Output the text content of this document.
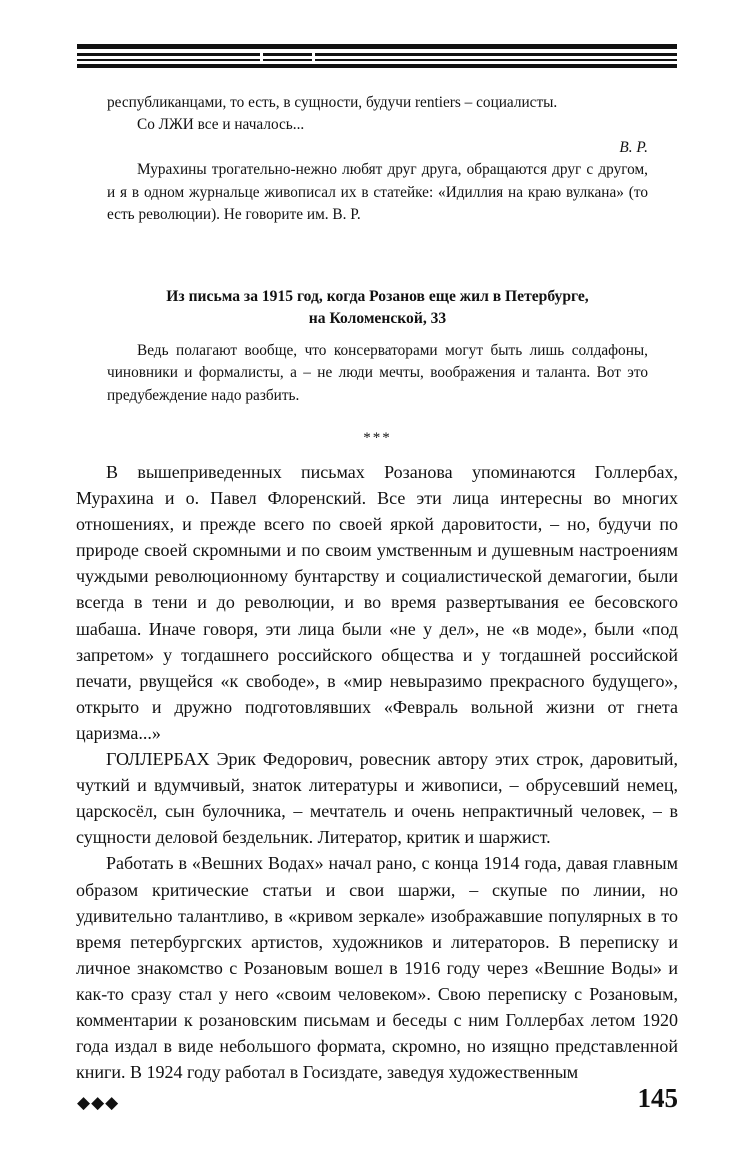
республиканцами, то есть, в сущности, будучи rentiers – социалисты.

Со ЛЖИ все и началось...

В. Р.

Мурахины трогательно-нежно любят друг друга, обращаются друг с другом, и я в одном журнальце живописал их в статейке: «Идиллия на краю вулкана» (то есть революции). Не говорите им. В. Р.

Из письма за 1915 год, когда Розанов еще жил в Петербурге,

на Коломенской, 33

Ведь полагают вообще, что консерваторами могут быть лишь солдафоны, чиновники и формалисты, а – не люди мечты, воображения и таланта. Вот это предубеждение надо разбить.

***

В вышеприведенных письмах Розанова упоминаются Голлербах, Мурахина и о. Павел Флоренский. Все эти лица интересны во многих отношениях, и прежде всего по своей яркой даровитости, – но, будучи по природе своей скромными и по своим умственным и душевным настроениям чуждыми революционному бунтарству и социалистической демагогии, были всегда в тени и до революции, и во время развертывания ее бесовского шабаша. Иначе говоря, эти лица были «не у дел», не «в моде», были «под запретом» у тогдашнего российского общества и у тогдашней российской печати, рвущейся «к свободе», в «мир невыразимо прекрасного будущего», открыто и дружно подготовлявших «Февраль вольной жизни от гнета царизма...»

ГОЛЛЕРБАХ Эрик Федорович, ровесник автору этих строк, даровитый, чуткий и вдумчивый, знаток литературы и живописи, – обрусевший немец, царскосёл, сын булочника, – мечтатель и очень непрактичный человек, – в сущности деловой бездельник. Литератор, критик и шаржист.

Работать в «Вешних Водах» начал рано, с конца 1914 года, давая главным образом критические статьи и свои шаржи, – скупые по линии, но удивительно талантливо, в «кривом зеркале» изображавшие популярных в то время петербургских артистов, художников и литераторов. В переписку и личное знакомство с Розановым вошел в 1916 году через «Вешние Воды» и как-то сразу стал у него «своим человеком». Свою переписку с Розановым, комментарии к розановским письмам и беседы с ним Голлербах летом 1920 года издал в виде небольшого формата, скромно, но изящно представленной книги. В 1924 году работал в Госиздате, заведуя художественным

◆◆◆	145
